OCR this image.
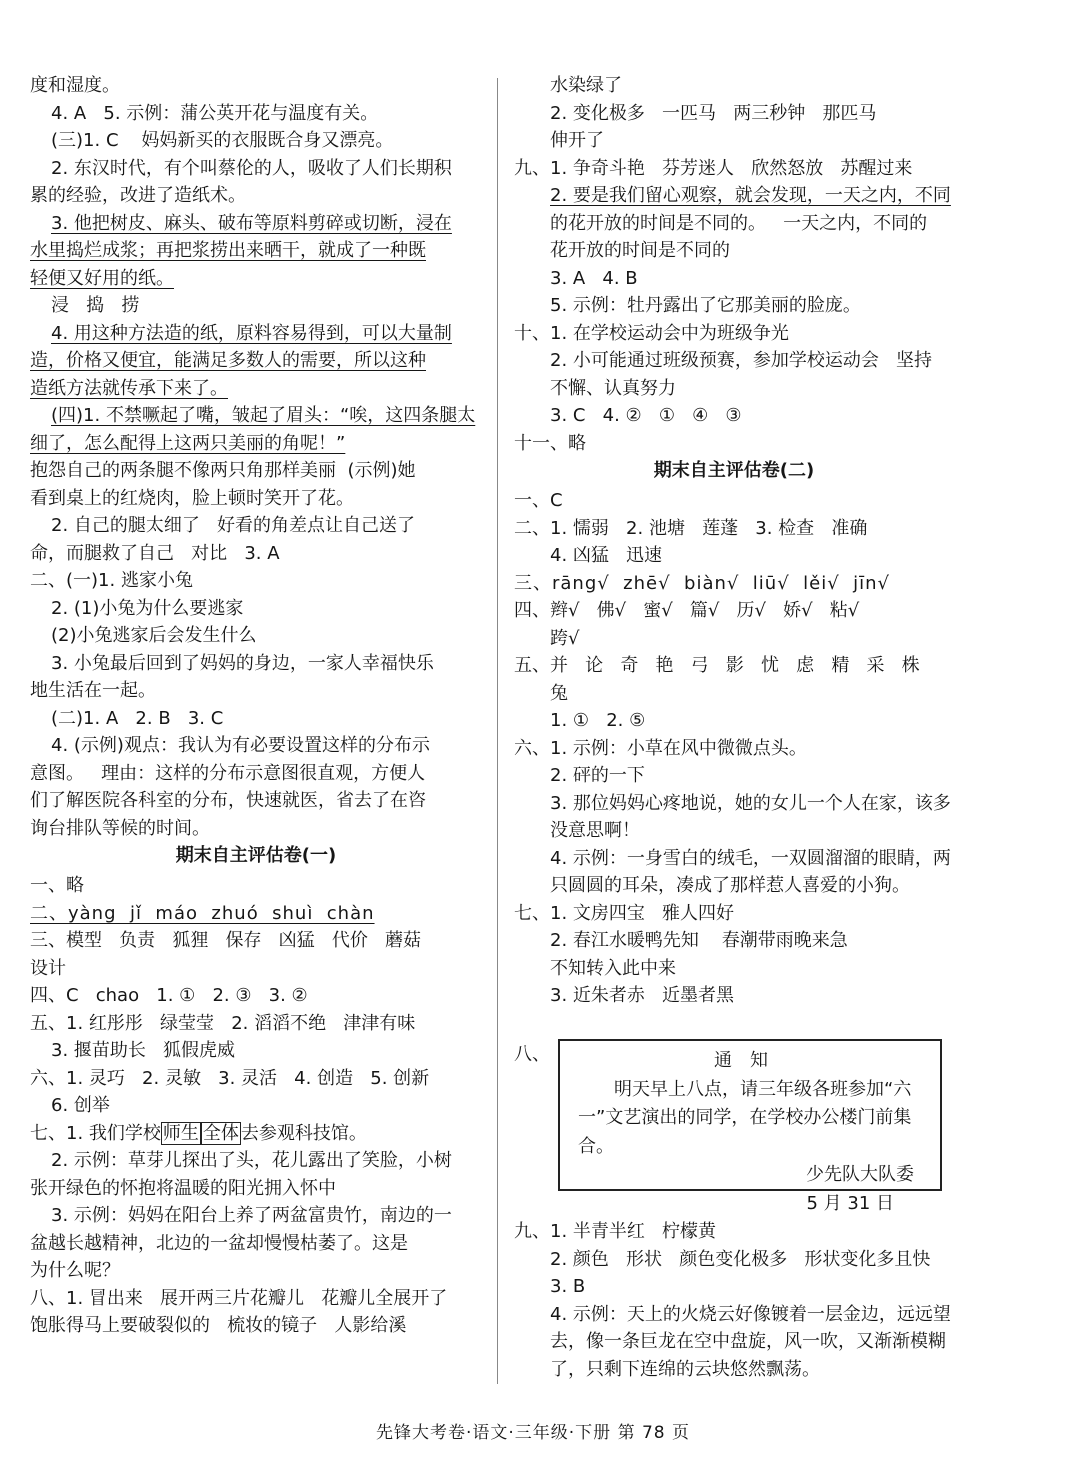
度和湿度。
4. A   5. 示例：蒲公英开花与温度有关。
(三)1. C    妈妈新买的衣服既合身又漂亮。
2. 东汉时代，有个叫蔡伦的人，吸收了人们长期积
累的经验，改进了造纸术。
3. 他把树皮、麻头、破布等原料剪碎或切断，浸在
水里捣烂成浆；再把浆捞出来晒干，就成了一种既
轻便又好用的纸。
浸   捣   捞
4. 用这种方法造的纸，原料容易得到，可以大量制
造，价格又便宜，能满足多数人的需要，所以这种
造纸方法就传承下来了。
(四)1. 不禁噘起了嘴，皱起了眉头：“唉，这四条腿太
细了，怎么配得上这两只美丽的角呢！”
抱怨自己的两条腿不像两只角那样美丽  (示例)她
看到桌上的红烧肉，脸上顿时笑开了花。
2. 自己的腿太细了   好看的角差点让自己送了
命，而腿救了自己   对比   3. A
二、(一)1. 逃家小兔
2. (1)小兔为什么要逃家
(2)小兔逃家后会发生什么
3. 小兔最后回到了妈妈的身边，一家人幸福快乐
地生活在一起。
(二)1. A   2. B   3. C
4. (示例)观点：我认为有必要设置这样的分布示
意图。   理由：这样的分布示意图很直观，方便人
们了解医院各科室的分布，快速就医，省去了在咨
询台排队等候的时间。
期末自主评估卷(一)
一、略
二、yàng  jǐ  máo  zhuó  shuì  chàn
三、模型   负责   狐狸   保存   凶猛   代价   蘑菇
设计
四、C   chao   1. ①   2. ③   3. ②
五、1. 红彤彤   绿莹莹   2. 滔滔不绝   津津有味
3. 揠苗助长   狐假虎威
六、1. 灵巧   2. 灵敏   3. 灵活   4. 创造   5. 创新
6. 创举
七、1. 我们学校 师生 全体 去参观科技馆。
2. 示例：草芽儿探出了头，花儿露出了笑脸，小树
张开绿色的怀抱将温暖的阳光拥入怀中
3. 示例：妈妈在阳台上养了两盆富贵竹，南边的一
盆越长越精神，北边的一盆却慢慢枯萎了。这是
为什么呢？
八、1. 冒出来   展开两三片花瓣儿   花瓣儿全展开了
饱胀得马上要破裂似的   梳妆的镜子   人影给溪
水染绿了
2. 变化极多   一匹马   两三秒钟   那匹马
伸开了
九、1. 争奇斗艳   芬芳迷人   欣然怒放   苏醒过来
2. 要是我们留心观察，就会发现，一天之内，不同
的花开放的时间是不同的。   一天之内，不同的
花开放的时间是不同的
3. A   4. B
5. 示例：牡丹露出了它那美丽的脸庞。
十、1. 在学校运动会中为班级争光
2. 小可能通过班级预赛，参加学校运动会   坚持
不懈、认真努力
3. C   4. ②   ①   ④   ③
十一、略
期末自主评估卷(二)
一、C
二、1. 懦弱   2. 池塘   莲蓬   3. 检查   准确
4. 凶猛   迅速
三、rāng√  zhē√  biàn√  liū√  lěi√  jīn√
四、辫√   佛√   蜜√   篇√   历√   娇√   粘√
跨√
五、并   论   奇   艳   弓   影   忧   虑   精   采   株
兔
1. ①   2. ⑤
六、1. 示例：小草在风中微微点头。
2. 砰的一下
3. 那位妈妈心疼地说，她的女儿一个人在家，该多
没意思啊！
4. 示例：一身雪白的绒毛，一双圆溜溜的眼睛，两
只圆圆的耳朵，凑成了那样惹人喜爱的小狗。
七、1. 文房四宝   雅人四好
2. 春江水暖鸭先知    春潮带雨晚来急
不知转入此中来
3. 近朱者赤   近墨者黑
九、1. 半青半红   柠檬黄
2. 颜色   形状   颜色变化极多   形状变化多且快
3. B
4. 示例：天上的火烧云好像镀着一层金边，远远望
去，像一条巨龙在空中盘旋，风一吹，又渐渐模糊
了，只剩下连绵的云块悠然飘荡。
八、	通知
明天早上八点，请三年级各班参加“六一”文艺演出的同学，在学校办公楼门前集合。
少先队大队委
5 月 31 日
先锋大考卷·语文·三年级·下册 第 78 页
